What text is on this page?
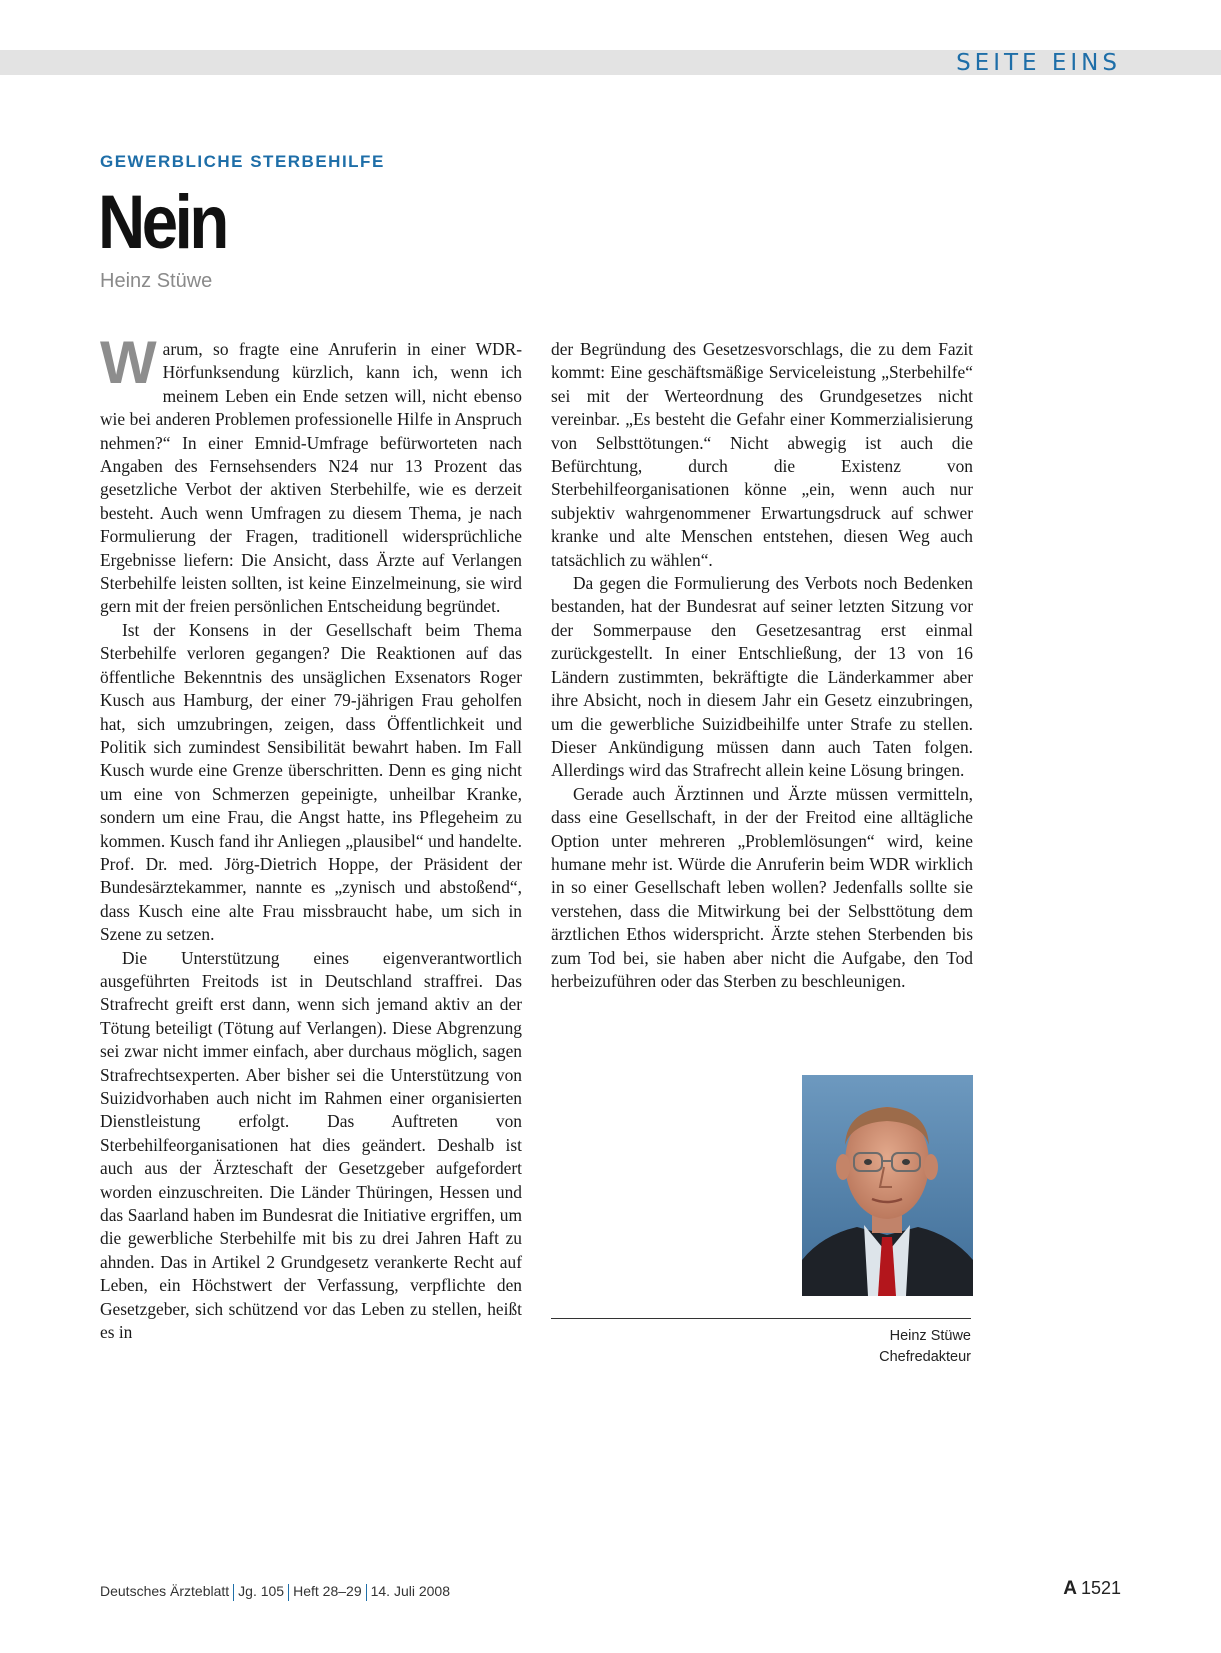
SEITE EINS
GEWERBLICHE STERBEHILFE
Nein
Heinz Stüwe

Warum, so fragte eine Anruferin in einer WDR-Hörfunksendung kürzlich, kann ich, wenn ich meinem Leben ein Ende setzen will, nicht ebenso wie bei anderen Problemen professionelle Hilfe in Anspruch nehmen?“ In einer Emnid-Umfrage befürworteten nach Angaben des Fernsehsenders N24 nur 13 Prozent das gesetzliche Verbot der aktiven Sterbehilfe, wie es derzeit besteht. Auch wenn Umfragen zu diesem Thema, je nach Formulierung der Fragen, traditionell widersprüchliche Ergebnisse liefern: Die Ansicht, dass Ärzte auf Verlangen Sterbehilfe leisten sollten, ist keine Einzelmeinung, sie wird gern mit der freien persönlichen Entscheidung begründet.

Ist der Konsens in der Gesellschaft beim Thema Sterbehilfe verloren gegangen? Die Reaktionen auf das öffentliche Bekenntnis des unsäglichen Exsenators Roger Kusch aus Hamburg, der einer 79-jährigen Frau geholfen hat, sich umzubringen, zeigen, dass Öffentlichkeit und Politik sich zumindest Sensibilität bewahrt haben. Im Fall Kusch wurde eine Grenze überschritten. Denn es ging nicht um eine von Schmerzen gepeinigte, unheilbar Kranke, sondern um eine Frau, die Angst hatte, ins Pflegeheim zu kommen. Kusch fand ihr Anliegen „plausibel“ und handelte. Prof. Dr. med. Jörg-Dietrich Hoppe, der Präsident der Bundesärztekammer, nannte es „zynisch und abstoßend“, dass Kusch eine alte Frau missbraucht habe, um sich in Szene zu setzen.

Die Unterstützung eines eigenverantwortlich ausgeführten Freitods ist in Deutschland straffrei. Das Strafrecht greift erst dann, wenn sich jemand aktiv an der Tötung beteiligt (Tötung auf Verlangen). Diese Abgrenzung sei zwar nicht immer einfach, aber durchaus möglich, sagen Strafrechtsexperten. Aber bisher sei die Unterstützung von Suizidvorhaben auch nicht im Rahmen einer organisierten Dienstleistung erfolgt. Das Auftreten von Sterbehilfeorganisationen hat dies geändert. Deshalb ist auch aus der Ärzteschaft der Gesetzgeber aufgefordert worden einzuschreiten. Die Länder Thüringen, Hessen und das Saarland haben im Bundesrat die Initiative ergriffen, um die gewerbliche Sterbehilfe mit bis zu drei Jahren Haft zu ahnden. Das in Artikel 2 Grundgesetz verankerte Recht auf Leben, ein Höchstwert der Verfassung, verpflichte den Gesetzgeber, sich schützend vor das Leben zu stellen, heißt es in

der Begründung des Gesetzesvorschlags, die zu dem Fazit kommt: Eine geschäftsmäßige Serviceleistung „Sterbehilfe“ sei mit der Werteordnung des Grundgesetzes nicht vereinbar. „Es besteht die Gefahr einer Kommerzialisierung von Selbsttötungen.“ Nicht abwegig ist auch die Befürchtung, durch die Existenz von Sterbehilfeorganisationen könne „ein, wenn auch nur subjektiv wahrgenommener Erwartungsdruck auf schwer kranke und alte Menschen entstehen, diesen Weg auch tatsächlich zu wählen“.

Da gegen die Formulierung des Verbots noch Bedenken bestanden, hat der Bundesrat auf seiner letzten Sitzung vor der Sommerpause den Gesetzesantrag erst einmal zurückgestellt. In einer Entschließung, der 13 von 16 Ländern zustimmten, bekräftigte die Länderkammer aber ihre Absicht, noch in diesem Jahr ein Gesetz einzubringen, um die gewerbliche Suizidbeihilfe unter Strafe zu stellen. Dieser Ankündigung müssen dann auch Taten folgen. Allerdings wird das Strafrecht allein keine Lösung bringen.

Gerade auch Ärztinnen und Ärzte müssen vermitteln, dass eine Gesellschaft, in der der Freitod eine alltägliche Option unter mehreren „Problemlösungen“ wird, keine humane mehr ist. Würde die Anruferin beim WDR wirklich in so einer Gesellschaft leben wollen? Jedenfalls sollte sie verstehen, dass die Mitwirkung bei der Selbsttötung dem ärztlichen Ethos widerspricht. Ärzte stehen Sterbenden bis zum Tod bei, sie haben aber nicht die Aufgabe, den Tod herbeizuführen oder das Sterben zu beschleunigen.

Heinz Stüwe
Chefredakteur
Deutsches Ärzteblatt Jg. 105 Heft 28–29 14. Juli 2008	A 1521
